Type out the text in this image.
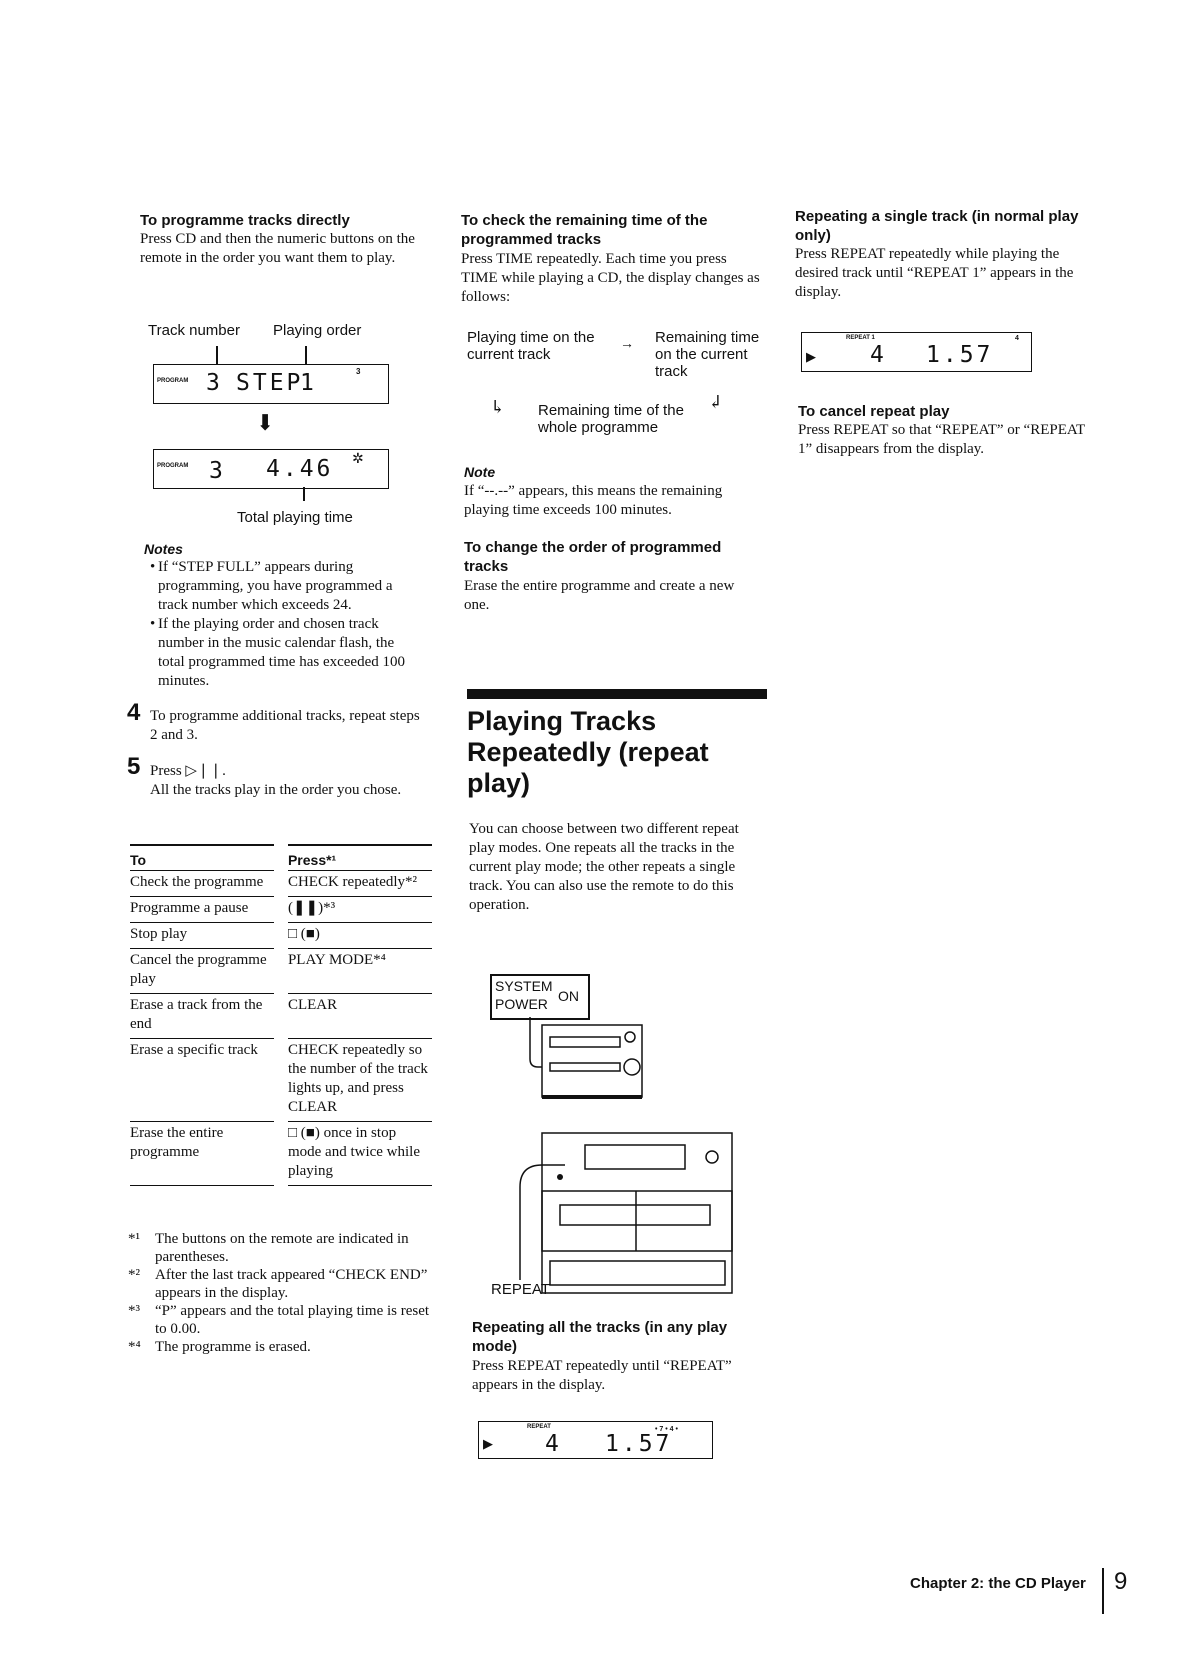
To programme tracks directly
Press CD and then the numeric buttons on the remote in the order you want them to play.
Track number Playing order
PROGRAM 3 STEP
1	3
⬇
PROGRAM 3 4.46 ✲
Total playing time
Notes
• If “STEP FULL” appears during programming, you have programmed a track number which exceeds 24.
• If the playing order and chosen track number in the music calendar flash, the total programmed time has exceeded 100 minutes.
4 To programme additional tracks, repeat steps 2 and 3.
5 Press ▷❘❘.
All the tracks play in the order you chose.
To	Press*¹
Check the programme	CHECK repeatedly*²
Programme a pause	(❚❚)*³
Stop play	□ (■)
Cancel the programme play	PLAY MODE*⁴
Erase a track from the end	CLEAR
Erase a specific track	CHECK repeatedly so the number of the track lights up, and press CLEAR
Erase the entire programme	□ (■) once in stop mode and twice while playing
*¹	The buttons on the remote are indicated in parentheses.
*²	After the last track appeared “CHECK END” appears in the display.
*³	“P” appears and the total playing time is reset to 0.00.
*⁴ The programme is erased.
To check the remaining time of the programmed tracks
Press TIME repeatedly. Each time you press TIME while playing a CD, the display changes as follows:
Playing time on the current track
→ Remaining time on the current track
↳ Remaining time of the whole programme
↲
Note
If “--.--” appears, this means the remaining playing time exceeds 100 minutes.
To change the order of programmed tracks
Erase the entire programme and create a new one.
Playing Tracks Repeatedly (repeat play)
You can choose between two different repeat play modes. One repeats all the tracks in the current play mode; the other repeats a single track. You can also use the remote to do this operation.
SYSTEM
POWER ON
REPEAT
Repeating all the tracks (in any play mode)
Press REPEAT repeatedly until “REPEAT” appears in the display.
REPEAT
▶ 4 1.57
• 7 • 4 •
Repeating a single track (in normal play only)
Press REPEAT repeatedly while playing the desired track until “REPEAT 1” appears in the display.
REPEAT 1
▶ 4 1.57
4
To cancel repeat play
Press REPEAT so that “REPEAT” or “REPEAT 1” disappears from the display.
Chapter 2: the CD Player 9
